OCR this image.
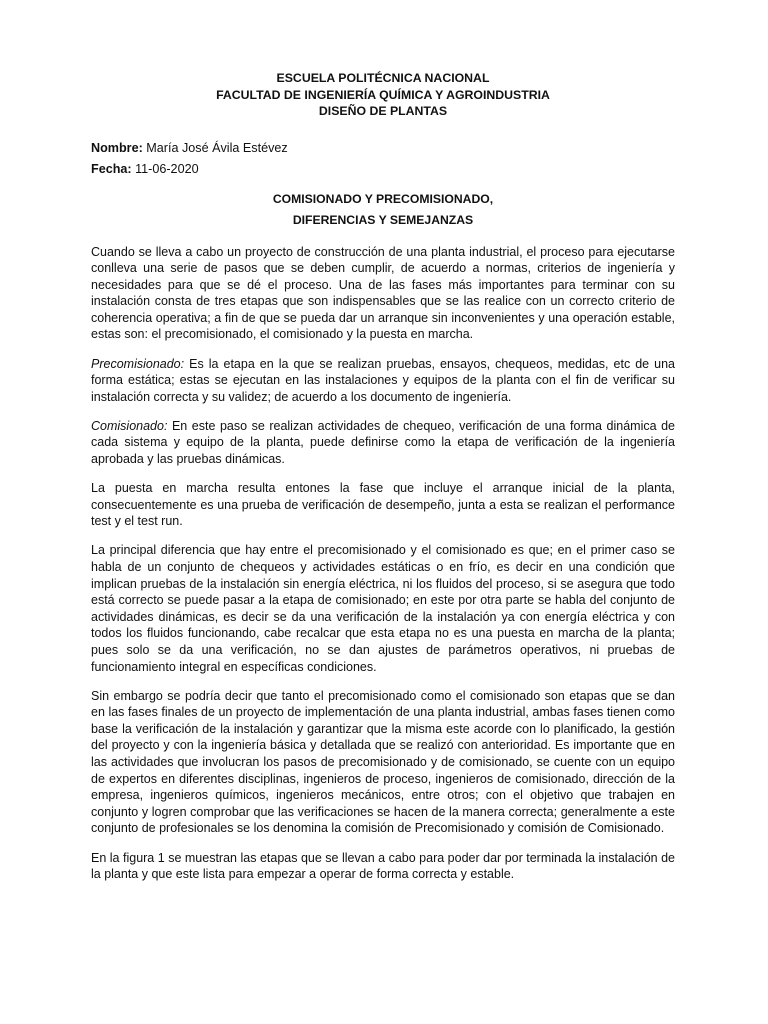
ESCUELA POLITÉCNICA NACIONAL
FACULTAD DE INGENIERÍA QUÍMICA Y AGROINDUSTRIA
DISEÑO DE PLANTAS
Nombre: María José Ávila Estévez
Fecha: 11-06-2020
COMISIONADO Y PRECOMISIONADO,
DIFERENCIAS Y SEMEJANZAS

Cuando se lleva a cabo un proyecto de construcción de una planta industrial, el proceso para ejecutarse conlleva una serie de pasos que se deben cumplir, de acuerdo a normas, criterios de ingeniería y necesidades para que se dé el proceso. Una de las fases más importantes para terminar con su instalación consta de tres etapas que son indispensables que se las realice con un correcto criterio de coherencia operativa; a fin de que se pueda dar un arranque sin inconvenientes y una operación estable, estas son: el precomisionado, el comisionado y la puesta en marcha.

Precomisionado: Es la etapa en la que se realizan pruebas, ensayos, chequeos, medidas, etc de una forma estática; estas se ejecutan en las instalaciones y equipos de la planta con el fin de verificar su instalación correcta y su validez; de acuerdo a los documento de ingeniería.

Comisionado: En este paso se realizan actividades de chequeo, verificación de una forma dinámica de cada sistema y equipo de la planta, puede definirse como la etapa de verificación de la ingeniería aprobada y las pruebas dinámicas.

La puesta en marcha resulta entones la fase que incluye el arranque inicial de la planta, consecuentemente es una prueba de verificación de desempeño, junta a esta se realizan el performance test y el test run.

La principal diferencia que hay entre el precomisionado y el comisionado es que; en el primer caso se habla de un conjunto de chequeos y actividades estáticas o en frío, es decir en una condición que implican pruebas de la instalación sin energía eléctrica, ni los fluidos del proceso, si se asegura que todo está correcto se puede pasar a la etapa de comisionado; en este por otra parte se habla del conjunto de actividades dinámicas, es decir se da una verificación de la instalación ya con energía eléctrica y con todos los fluidos funcionando, cabe recalcar que esta etapa no es una puesta en marcha de la planta; pues solo se da una verificación, no se dan ajustes de parámetros operativos, ni pruebas de funcionamiento integral en específicas condiciones.

Sin embargo se podría decir que tanto el precomisionado como el comisionado son etapas que se dan en las fases finales de un proyecto de implementación de una planta industrial, ambas fases tienen como base la verificación de la instalación y garantizar que la misma este acorde con lo planificado, la gestión del proyecto y con la ingeniería básica y detallada que se realizó con anterioridad. Es importante que en las actividades que involucran los pasos de precomisionado y de comisionado, se cuente con un equipo de expertos en diferentes disciplinas, ingenieros de proceso, ingenieros de comisionado, dirección de la empresa, ingenieros químicos, ingenieros mecánicos, entre otros; con el objetivo que trabajen en conjunto y logren comprobar que las verificaciones se hacen de la manera correcta; generalmente a este conjunto de profesionales se los denomina la comisión de Precomisionado y comisión de Comisionado.

En la figura 1 se muestran las etapas que se llevan a cabo para poder dar por terminada la instalación de la planta y que este lista para empezar a operar de forma correcta y estable.
